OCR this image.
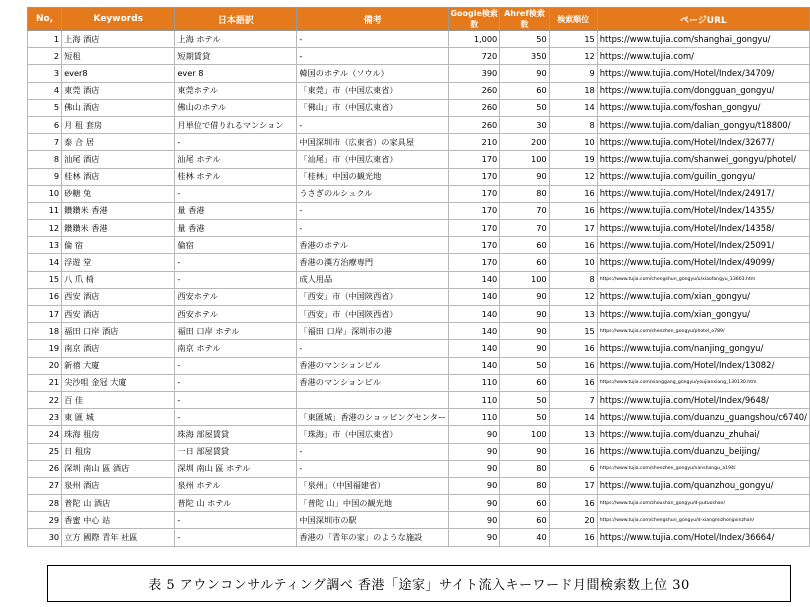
No,	Keywords	日本語訳	備考	Google検索数	Ahref検索数	検索順位	ページURL
1	上海 酒店	上海 ホテル	-	1,000	50	15	https://www.tujia.com/shanghai_gongyu/
2	短租	短期賃貸	-	720	350	12	https://www.tujia.com/
3	ever8	ever 8	韓国のホテル（ソウル）	390	90	9	https://www.tujia.com/Hotel/Index/34709/
4	東莞 酒店	東莞ホテル	「東莞」市（中国広東省）	260	60	18	https://www.tujia.com/dongguan_gongyu/
5	佛山 酒店	佛山のホテル	「佛山」市（中国広東省）	260	50	14	https://www.tujia.com/foshan_gongyu/
6	月 租 套房	月単位で借りれるマンション	-	260	30	8	https://www.tujia.com/dalian_gongyu/t18800/
7	泰 合 居	-	中国深圳市（広東省）の家具屋	210	200	10	https://www.tujia.com/Hotel/Index/32677/
8	汕尾 酒店	汕尾 ホテル	「汕尾」市（中国広東省）	170	100	19	https://www.tujia.com/shanwei_gongyu/photel/
9	桂林 酒店	桂林 ホテル	「桂林」中国の観光地	170	90	12	https://www.tujia.com/guilin_gongyu/
10	砂糖 兔	-	うさぎのルシュクル	170	80	16	https://www.tujia.com/Hotel/Index/24917/
11	鑽鑽米 香港	量 香港	-	170	70	16	https://www.tujia.com/Hotel/Index/14355/
12	鑽鑽米 香港	量 香港	-	170	70	17	https://www.tujia.com/Hotel/Index/14358/
13	倫 宿	倫宿	香港のホテル	170	60	16	https://www.tujia.com/Hotel/Index/25091/
14	浮遊 堂	-	香港の漢方治療専門	170	60	10	https://www.tujia.com/Hotel/Index/49099/
15	八 爪 椅	-	成人用品	140	100	8	https://www.tujia.com/chengshun_gongyu/u/xiaofangyu_13663.htm
16	西安 酒店	西安ホテル	「西安」市（中国陝西省）	140	90	12	https://www.tujia.com/xian_gongyu/
17	西安 酒店	西安ホテル	「西安」市（中国陝西省）	140	90	13	https://www.tujia.com/xian_gongyu/
18	福田 口岸 酒店	福田 口岸 ホテル	「福田 口岸」深圳市の港	140	90	15	https://www.tujia.com/shenzhen_gongyu/photel_o789/
19	南京 酒店	南京 ホテル	-	140	90	16	https://www.tujia.com/nanjing_gongyu/
20	新禧 大廈	-	香港のマンションビル	140	50	16	https://www.tujia.com/Hotel/Index/13082/
21	尖沙咀 金冠 大廈	-	香港のマンションビル	110	60	16	https://www.tujia.com/xianggang_gongyu/youjianxiang_130130.htm
22	百 佳	-		110	50	7	https://www.tujia.com/Hotel/Index/9648/
23	東 匯 城	-	「東匯城」香港のショッピングセンター	110	50	14	https://www.tujia.com/duanzu_guangshou/c6740/
24	珠海 租房	珠海 部屋賃貸	「珠海」市（中国広東省）	90	100	13	https://www.tujia.com/duanzu_zhuhai/
25	日 租房	一日 部屋賃貸	-	90	90	16	https://www.tujia.com/duanzu_beijing/
26	深圳 南山 區 酒店	深圳 南山 區 ホテル	-	90	80	6	https://www.tujia.com/shenzhen_gongyu/nanshangu_a194/
27	泉州 酒店	泉州 ホテル	「泉州」（中国福建省）	90	80	17	https://www.tujia.com/quanzhou_gongyu/
28	普陀 山 酒店	普陀 山 ホテル	「普陀 山」中国の観光地	90	60	16	https://www.tujia.com/zhoushan_gongyu/d-putuoshan/
29	香蜜 中心 站	-	中国深圳市の駅	90	60	20	https://www.tujia.com/chengshun_gongyu/d-xiangmizhongxinzhan/
30	立方 國際 青年 社區	-	香港の「青年の家」のような施設	90	40	16	https://www.tujia.com/Hotel/Index/36664/
表 5 アウンコンサルティング調べ 香港「途家」サイト流入キーワード月間検索数上位 30
